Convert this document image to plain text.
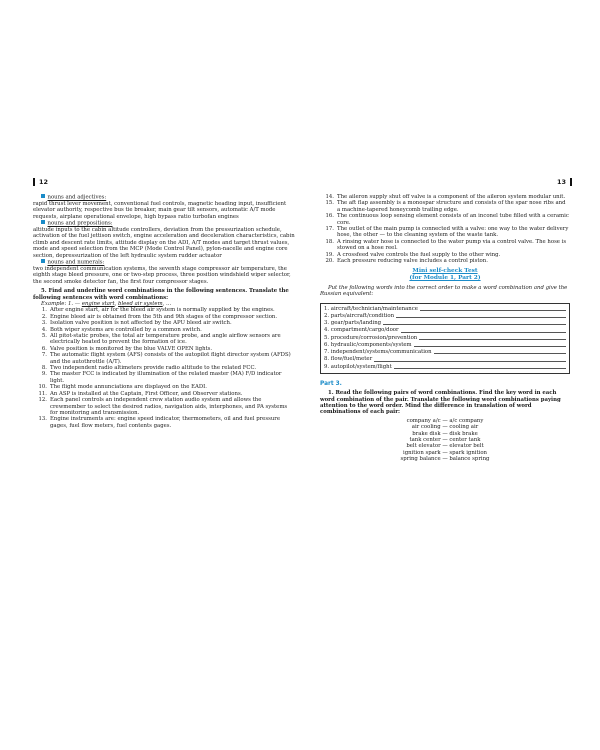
12

nouns and adjectives:

rapid thrust lever movement, conventional fuel controls, magnetic heading input, insufficient elevator authority, respective bus tie breaker, main gear tilt sensors, automatic A/T mode requests, airplane operational envelope, high bypass ratio turbofan engines

nouns and prepositions:

altitude inputs to the cabin altitude controllers, deviation from the pressurization schedule, activation of the fuel jettison switch, engine acceleration and deceleration characteristics, cabin climb and descent rate limits, attitude display on the ADI, A/T modes and target thrust values, mode and speed selection from the MCP (Mode Control Panel), pylon-nacelle and engine core section, depressurization of the left hydraulic system rudder actuator

nouns and numerals:

two independent communication systems, the seventh stage compressor air temperature, the eighth stage bleed pressure, one or two-step process, three position windshield wiper selector, the second smoke detector fan, the first four compressor stages.

5. Find and underline word combinations in the following sentences. Translate the following sentences with word combinations:

Example: 1. — engine start, bleed air system, …

1. After engine start, air for the bleed air system is normally supplied by the engines.
2. Engine bleed air is obtained from the 5th and 9th stages of the compressor section.
3. Isolation valve position is not affected by the APU bleed air switch.
4. Both wiper systems are controlled by a common switch.
5. All pitot-static probes, the total air temperature probe, and angle airflow sensors are electrically heated to prevent the formation of ice.
6. Valve position is monitored by the blue VALVE OPEN lights.
7. The automatic flight system (AFS) consists of the autopilot flight director system (AFDS) and the autothrottle (A/T).
8. Two independent radio altimeters provide radio altitude to the related FCC.
9. The master FCC is indicated by illumination of the related master (MA) F/D indicator light.
10. The flight mode annunciations are displayed on the EADI.
11. An ASP is installed at the Captain, First Officer, and Observer stations.
12. Each panel controls an independent crew station audio system and allows the crewmember to select the desired radios, navigation aids, interphones, and PA systems for monitoring and transmission.
13. Engine instruments are: engine speed indicator, thermometers, oil and fuel pressure gages, fuel flow meters, fuel contents gages.
13
14. The aileron supply shut off valve is a component of the aileron system modular unit.
15. The aft flap assembly is a monospar structure and consists of the spar nose ribs and a machine-tapered honeycomb trailing edge.
16. The continuous loop sensing element consists of an inconel tube filled with a ceramic core.
17. The outlet of the main pump is connected with a valve: one way to the water delivery hose, the other — to the cleaning system of the waste tank.
18. A rinsing water hose is connected to the water pump via a control valve. The hose is stowed on a hose reel.
19. A crossfeed valve controls the fuel supply to the other wing.
20. Each pressure reducing valve includes a control piston.

Mini self-check Test

(for Module 1, Part 2)

Put the following words into the correct order to make a word combination and give the Russian equivalent:

1. aircraft/technician/maintenance
2. parts/aircraft/condition
3. gear/parts/landing
4. compartment/cargo/door
5. procedure/corrosion/prevention
6. hydraulic/components/system
7. independent/systems/communication
8. flow/fuel/meter
9. autopilot/system/flight

Part 3.

1. Read the following pairs of word combinations. Find the key word in each word combination of the pair. Translate the following word combinations paying attention to the word order. Mind the difference in translation of word combinations of each pair:

company a/c — a/c company

air cooling — cooling air

brake disk — disk brake

tank center — center tank

belt elevator — elevator belt

ignition spark — spark ignition

spring balance — balance spring
